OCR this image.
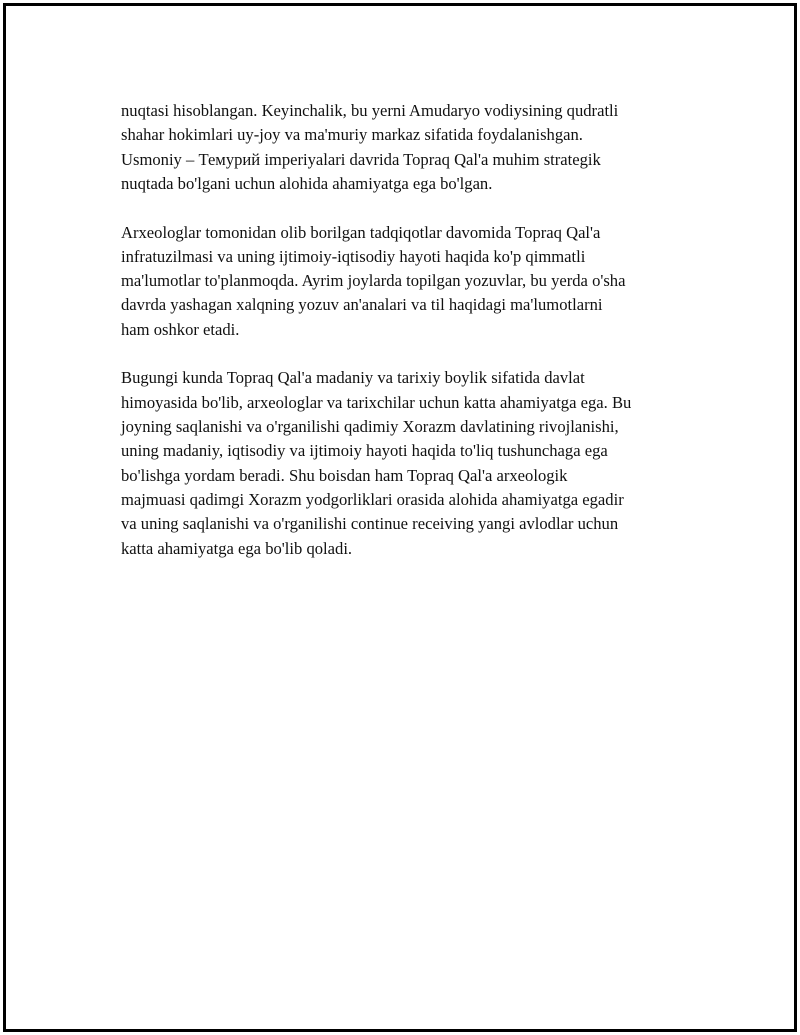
nuqtasi hisoblangan. Keyinchalik, bu yerni Amudaryo vodiysining qudratli
shahar hokimlari uy-joy va ma'muriy markaz sifatida foydalanishgan.
Usmoniy – Темурий imperiyalari davrida Topraq Qal'a muhim strategik
nuqtada bo'lgani uchun alohida ahamiyatga ega bo'lgan.

Arxeologlar tomonidan olib borilgan tadqiqotlar davomida Topraq Qal'a
infratuzilmasi va uning ijtimoiy-iqtisodiy hayoti haqida ko'p qimmatli
ma'lumotlar to'planmoqda. Ayrim joylarda topilgan yozuvlar, bu yerda o'sha
davrda yashagan xalqning yozuv an'analari va til haqidagi ma'lumotlarni
ham oshkor etadi.

Bugungi kunda Topraq Qal'a madaniy va tarixiy boylik sifatida davlat
himoyasida bo'lib, arxeologlar va tarixchilar uchun katta ahamiyatga ega. Bu
joyning saqlanishi va o'rganilishi qadimiy Xorazm davlatining rivojlanishi,
uning madaniy, iqtisodiy va ijtimoiy hayoti haqida to'liq tushunchaga ega
bo'lishga yordam beradi. Shu boisdan ham Topraq Qal'a arxeologik
majmuasi qadimgi Xorazm yodgorliklari orasida alohida ahamiyatga egadir
va uning saqlanishi va o'rganilishi continue receiving yangi avlodlar uchun
katta ahamiyatga ega bo'lib qoladi.
